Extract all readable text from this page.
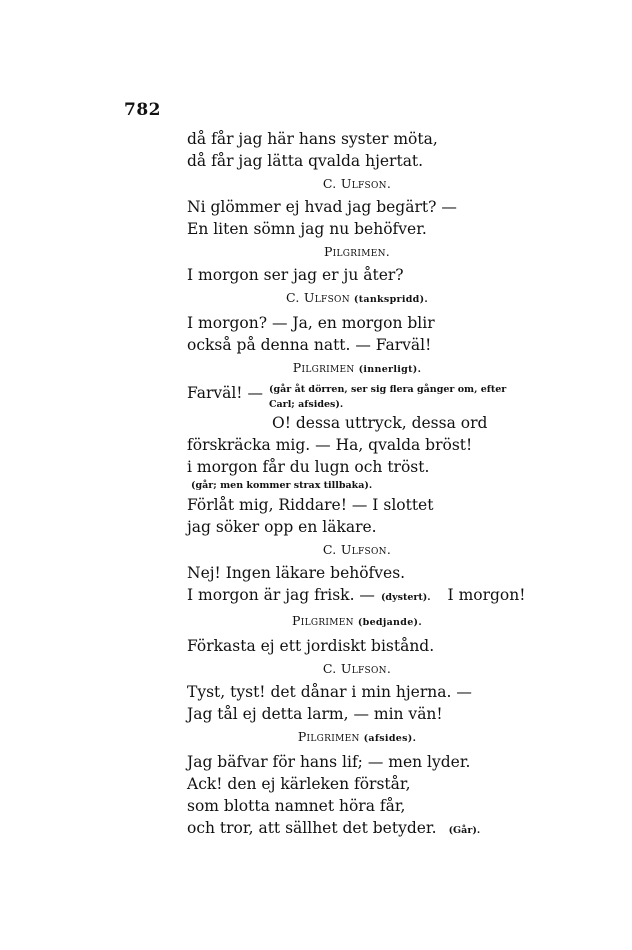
782
då får jag här hans syster möta,
då får jag lätta qvalda hjertat.
C. Ulfson.
Ni glömmer ej hvad jag begärt? —
En liten sömn jag nu behöfver.
Pilgrimen.
I morgon ser jag er ju åter?
C. Ulfson (tankspridd).
I morgon? — Ja, en morgon blir
också på denna natt. — Farväl!
Pilgrimen (innerligt).
Farväl! — (går åt dörren, ser sig flera gånger om, efter Carl; afsides).
O! dessa uttryck, dessa ord
förskräcka mig. — Ha, qvalda bröst!
i morgon får du lugn och tröst.
(går; men kommer strax tillbaka).
Förlåt mig, Riddare! — I slottet
jag söker opp en läkare.
C. Ulfson.
Nej! Ingen läkare behöfves.
I morgon är jag frisk. — (dystert). I morgon!
Pilgrimen (bedjande).
Förkasta ej ett jordiskt bistånd.
C. Ulfson.
Tyst, tyst! det dånar i min hjerna. —
Jag tål ej detta larm, — min vän!
Pilgrimen (afsides).
Jag bäfvar för hans lif; — men lyder.
Ack! den ej kärleken förstår,
som blotta namnet höra får,
och tror, att sällhet det betyder. (Går).
